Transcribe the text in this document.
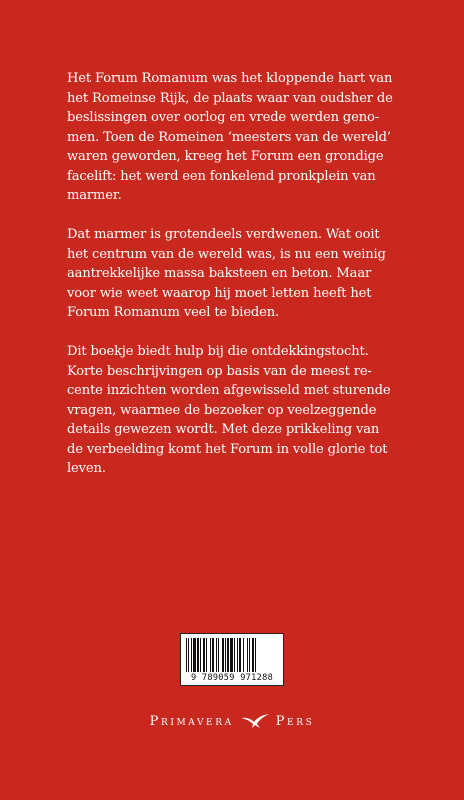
Het Forum Romanum was het kloppende hart van
het Romeinse Rijk, de plaats waar van oudsher de
beslissingen over oorlog en vrede werden geno-
men. Toen de Romeinen ‘meesters van de wereld’
waren geworden, kreeg het Forum een grondige
facelift: het werd een fonkelend pronkplein van
marmer.

Dat marmer is grotendeels verdwenen. Wat ooit
het centrum van de wereld was, is nu een weinig
aantrekkelijke massa baksteen en beton. Maar
voor wie weet waarop hij moet letten heeft het
Forum Romanum veel te bieden.

Dit boekje biedt hulp bij die ontdekkingstocht.
Korte beschrijvingen op basis van de meest re-
cente inzichten worden afgewisseld met sturende
vragen, waarmee de bezoeker op veelzeggende
details gewezen wordt. Met deze prikkeling van
de verbeelding komt het Forum in volle glorie tot
leven.

9 789059 971288
Primavera	Pers
